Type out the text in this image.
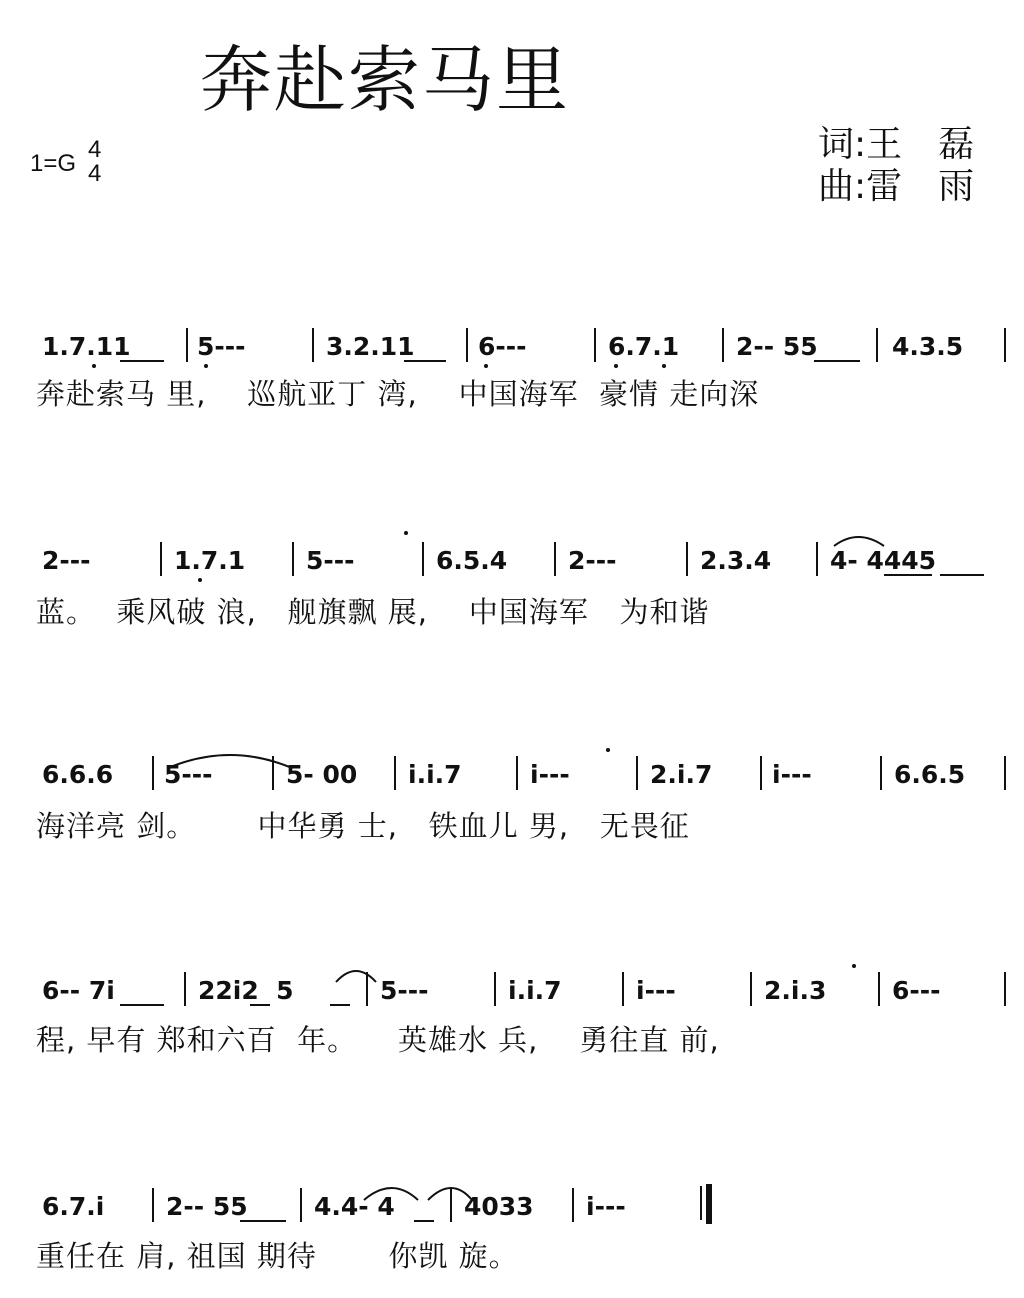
奔赴索马里
1=G
4
4
词:王　磊
曲:雷　雨
1.7.11	5---	3.2.11	6---	6.7.1 2-- 55	4.3.5
奔赴索马 里,    巡航亚丁 湾,    中国海军  豪情 走向深
2---	1.7.1 5---	6.5.4 2---	2.3.4 4- 4445
蓝。  乘风破 浪,   舰旗飘 展,    中国海军   为和谐
6.6.6 5---	5- 00 i.i.7	i---	2.i.7 i---	6.6.5
海洋亮 剑。      中华勇 士,   铁血儿 男,   无畏征
6-- 7i	22i2  5	5---	i.i.7	i---	2.i.3	6---
程, 早有 郑和六百  年。    英雄水 兵,    勇往直 前,
6.7.i 2-- 55	4.4- 4	4033 i---
重任在 肩, 祖国 期待       你凯 旋。
